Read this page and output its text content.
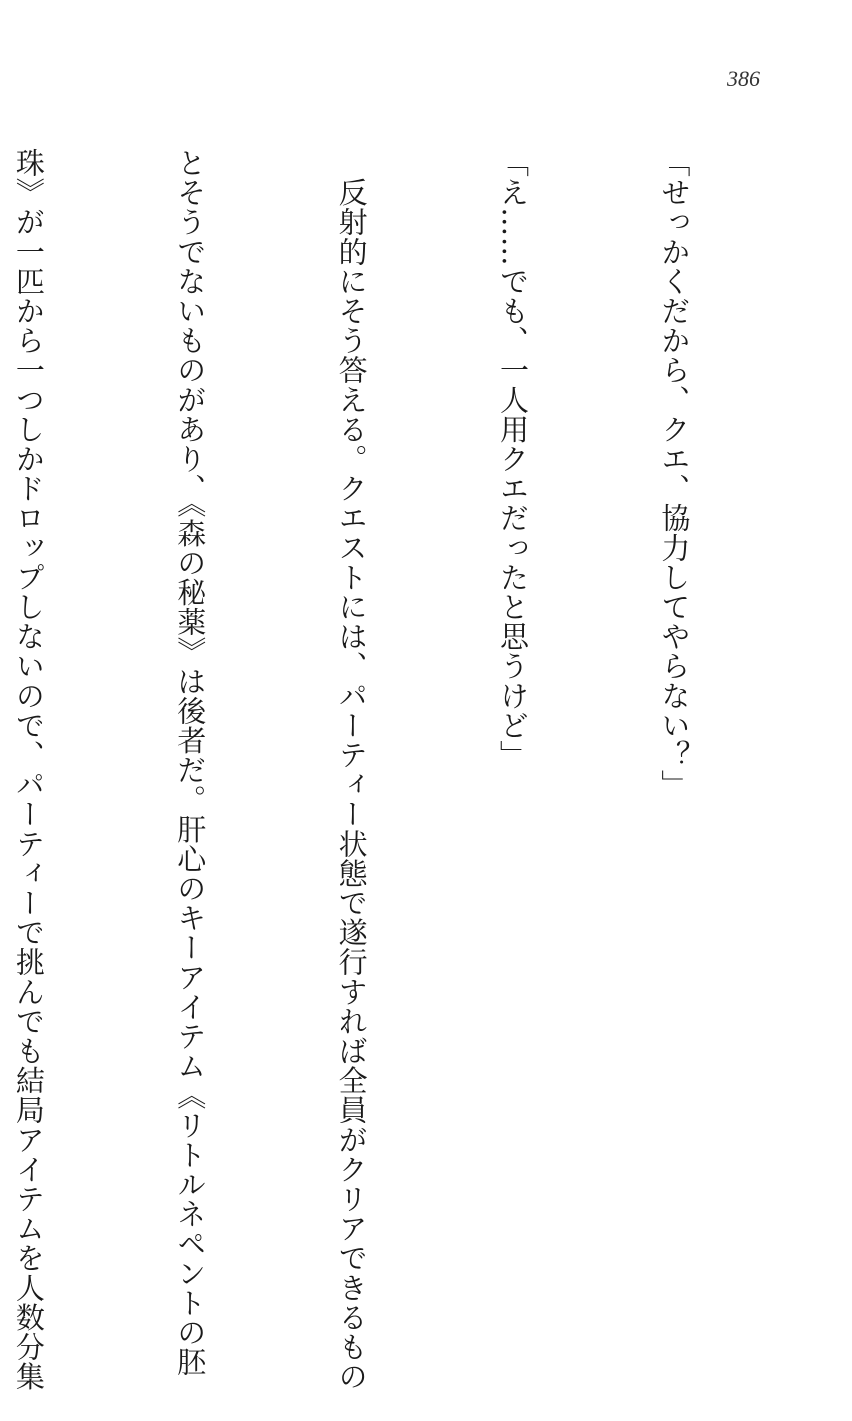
386

「せっかくだから、クエ、協力してやらない？」

「え……でも、一人用クエだったと思うけど」

　反射的にそう答える。クエストには、パーティー状態で遂行すれば全員がクリアできるもの

とそうでないものがあり、《森の秘薬》は後者だ。肝心のキーアイテム《リトルネペントの胚

珠》が一匹から一つしかドロップしないので、パーティーで挑んでも結局アイテムを人数分集
